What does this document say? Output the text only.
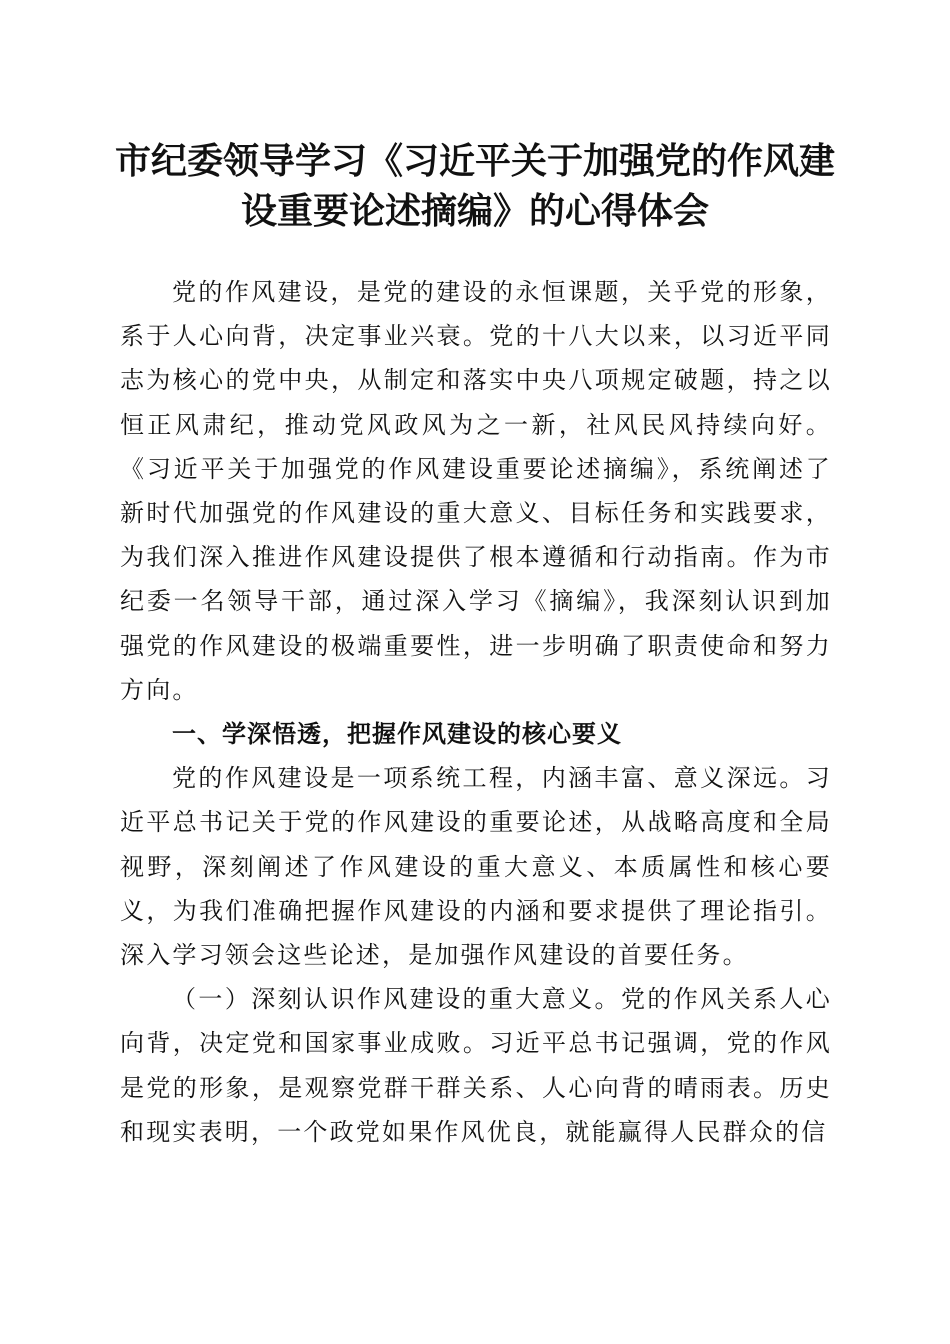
市纪委领导学习《习近平关于加强党的作风建
设重要论述摘编》的心得体会

党的作风建设，是党的建设的永恒课题，关乎党的形象，系于人心向背，决定事业兴衰。党的十八大以来，以习近平同志为核心的党中央，从制定和落实中央八项规定破题，持之以恒正风肃纪，推动党风政风为之一新，社风民风持续向好。《习近平关于加强党的作风建设重要论述摘编》，系统阐述了新时代加强党的作风建设的重大意义、目标任务和实践要求，为我们深入推进作风建设提供了根本遵循和行动指南。作为市纪委一名领导干部，通过深入学习《摘编》，我深刻认识到加强党的作风建设的极端重要性，进一步明确了职责使命和努力方向。

一、学深悟透，把握作风建设的核心要义

党的作风建设是一项系统工程，内涵丰富、意义深远。习近平总书记关于党的作风建设的重要论述，从战略高度和全局视野，深刻阐述了作风建设的重大意义、本质属性和核心要义，为我们准确把握作风建设的内涵和要求提供了理论指引。深入学习领会这些论述，是加强作风建设的首要任务。

（一）深刻认识作风建设的重大意义。党的作风关系人心向背，决定党和国家事业成败。习近平总书记强调，党的作风是党的形象，是观察党群干群关系、人心向背的晴雨表。历史和现实表明，一个政党如果作风优良，就能赢得人民群众的信
